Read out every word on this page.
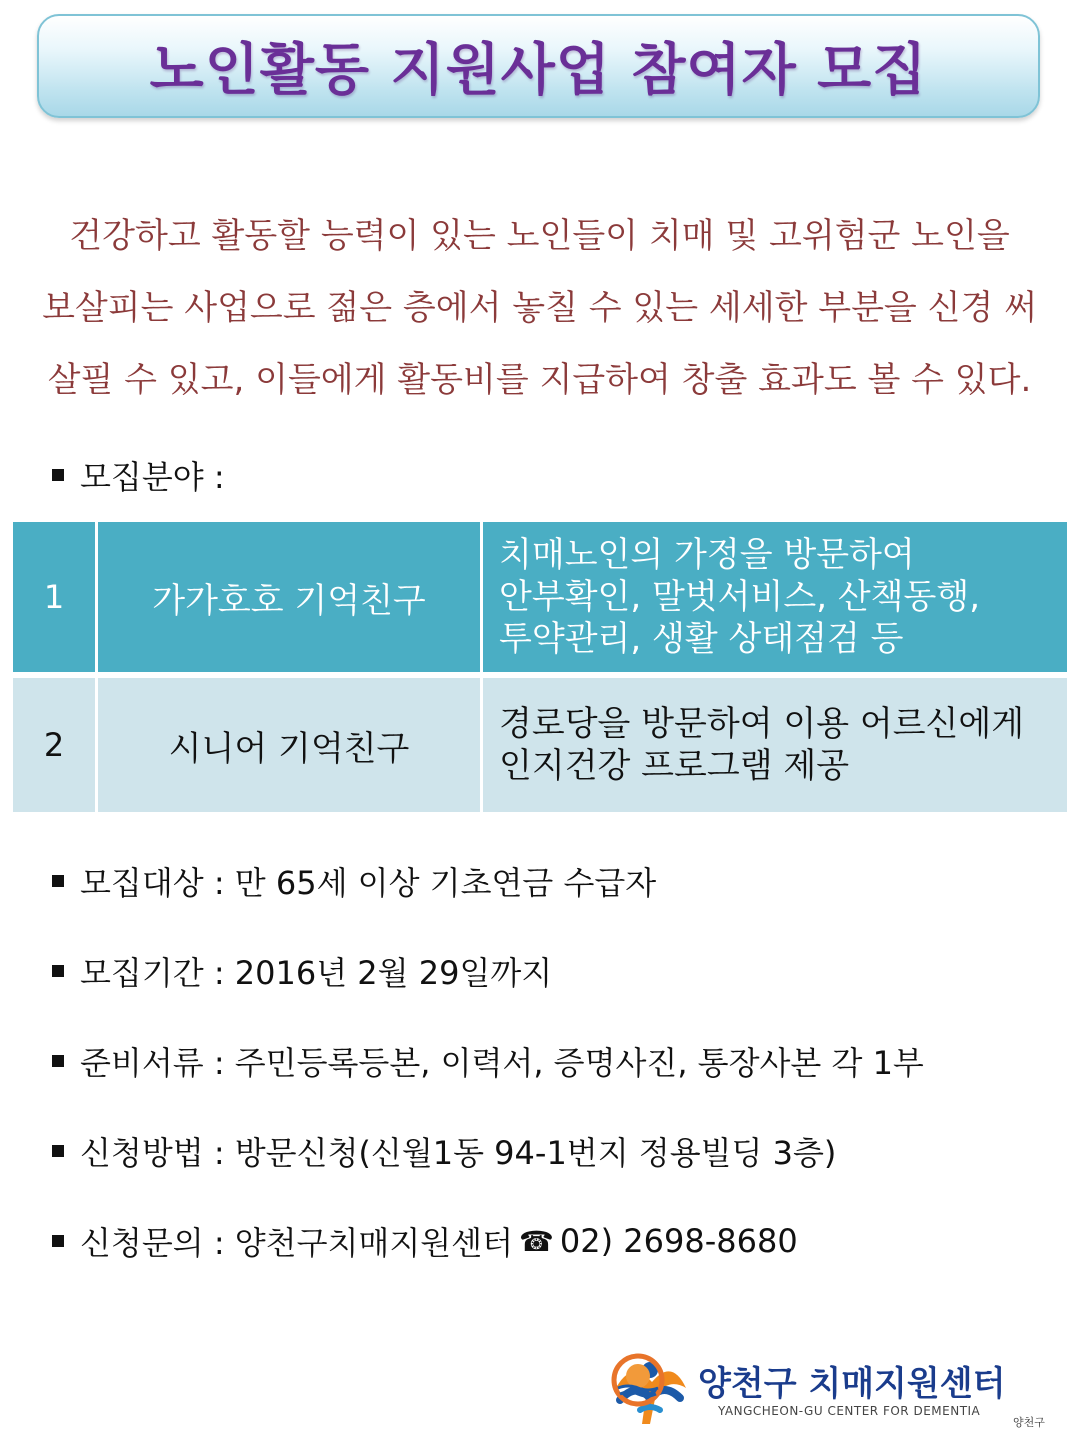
노인활동 지원사업 참여자 모집

건강하고 활동할 능력이 있는 노인들이 치매 및 고위험군 노인을

보살피는 사업으로 젊은 층에서 놓칠 수 있는 세세한 부분을 신경 써

살필 수 있고, 이들에게 활동비를 지급하여 창출 효과도 볼 수 있다.

모집분야 :
1	가가호호 기억친구	치매노인의 가정을 방문하여
안부확인, 말벗서비스, 산책동행,
투약관리, 생활 상태점검 등

2	시니어 기억친구	경로당을 방문하여 이용 어르신에게
인지건강 프로그램 제공
모집대상 : 만 65세 이상 기초연금 수급자
모집기간 : 2016년 2월 29일까지
준비서류 : 주민등록등본, 이력서, 증명사진, 통장사본 각 1부
신청방법 : 방문신청(신월1동 94-1번지 정용빌딩 3층)
신청문의 : 양천구치매지원센터 ☎ 02) 2698-8680
양천구 치매지원센터
YANGCHEON-GU CENTER FOR DEMENTIA
양천구
